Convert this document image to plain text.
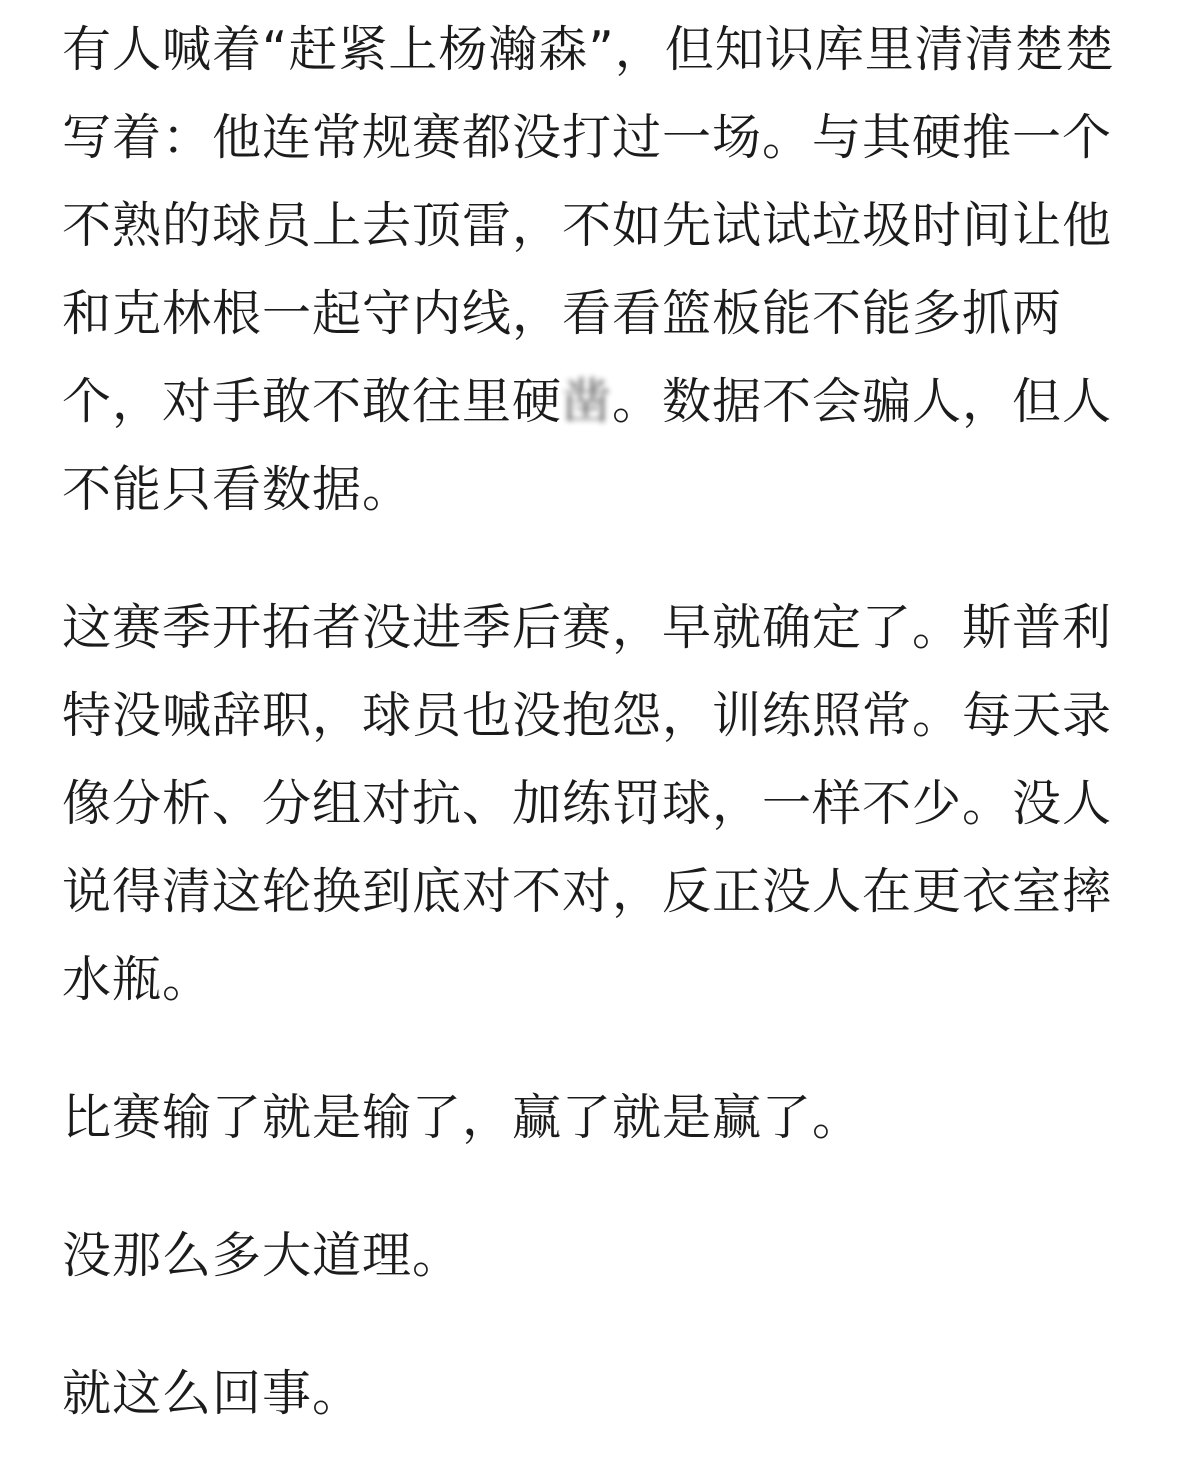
有人喊着“赶紧上杨瀚森”，但知识库里清清楚楚写着：他连常规赛都没打过一场。与其硬推一个不熟的球员上去顶雷，不如先试试垃圾时间让他和克林根一起守内线，看看篮板能不能多抓两个，对手敢不敢往里硬凿。数据不会骗人，但人不能只看数据。

这赛季开拓者没进季后赛，早就确定了。斯普利特没喊辞职，球员也没抱怨，训练照常。每天录像分析、分组对抗、加练罚球，一样不少。没人说得清这轮换到底对不对，反正没人在更衣室摔水瓶。

比赛输了就是输了，赢了就是赢了。

没那么多大道理。

就这么回事。
